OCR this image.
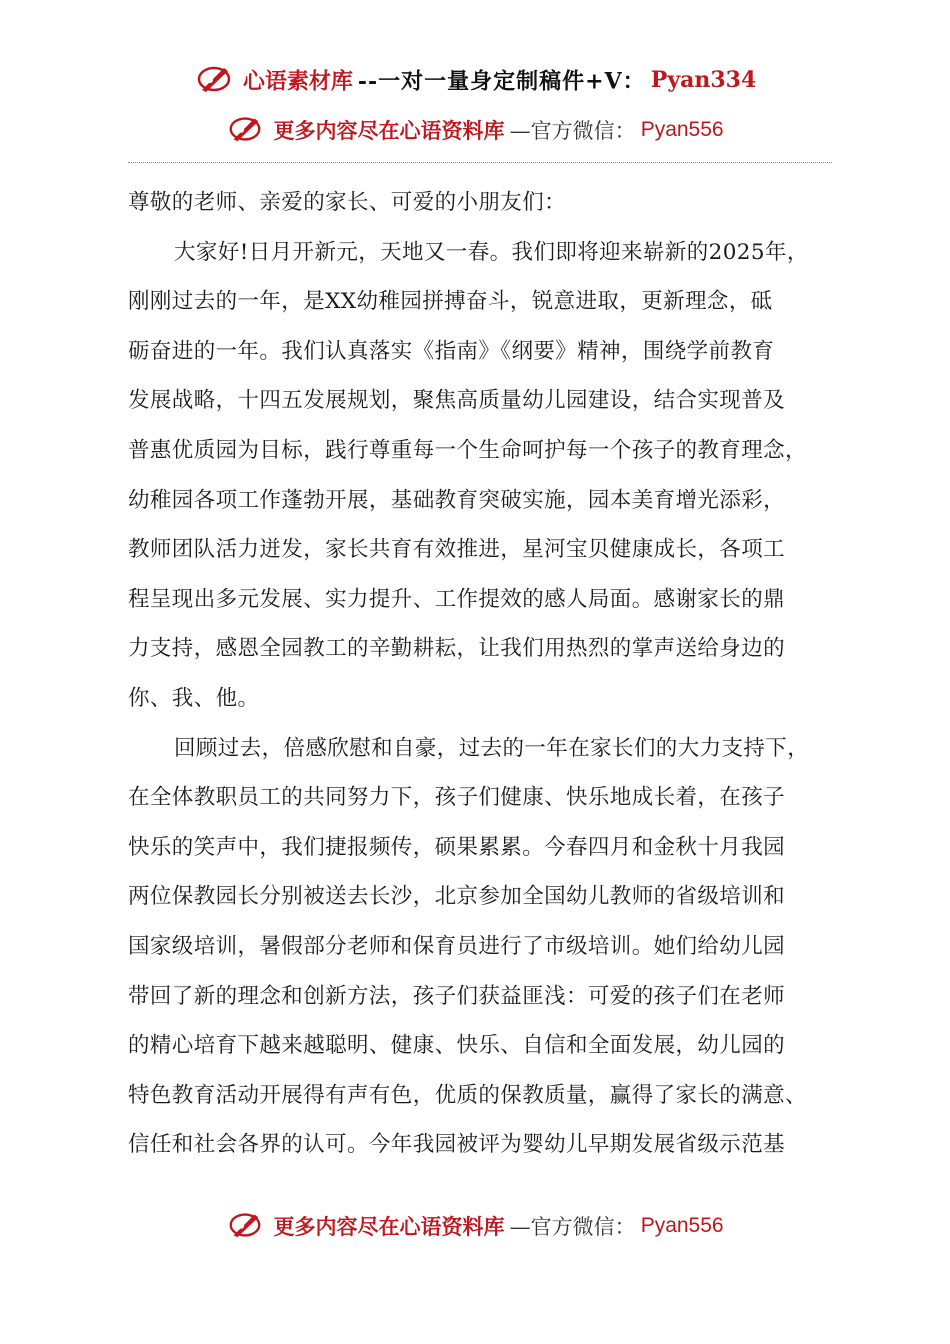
心语素材库 --一对一量身定制稿件+V： Pyan334
更多内容尽在心语资料库 —官方微信： Pyan556
尊敬的老师、亲爱的家长、可爱的小朋友们：
大家好!日月开新元，天地又一春。我们即将迎来崭新的2025年，
刚刚过去的一年，是XX幼稚园拼搏奋斗，锐意进取，更新理念，砥
砺奋进的一年。我们认真落实《指南》《纲要》精神，围绕学前教育
发展战略，十四五发展规划，聚焦高质量幼儿园建设，结合实现普及
普惠优质园为目标，践行尊重每一个生命呵护每一个孩子的教育理念，
幼稚园各项工作蓬勃开展，基础教育突破实施，园本美育增光添彩，
教师团队活力迸发，家长共育有效推进，星河宝贝健康成长，各项工
程呈现出多元发展、实力提升、工作提效的感人局面。感谢家长的鼎
力支持，感恩全园教工的辛勤耕耘，让我们用热烈的掌声送给身边的
你、我、他。
回顾过去，倍感欣慰和自豪，过去的一年在家长们的大力支持下，
在全体教职员工的共同努力下，孩子们健康、快乐地成长着，在孩子
快乐的笑声中，我们捷报频传，硕果累累。今春四月和金秋十月我园
两位保教园长分别被送去长沙，北京参加全国幼儿教师的省级培训和
国家级培训，暑假部分老师和保育员进行了市级培训。她们给幼儿园
带回了新的理念和创新方法，孩子们获益匪浅：可爱的孩子们在老师
的精心培育下越来越聪明、健康、快乐、自信和全面发展，幼儿园的
特色教育活动开展得有声有色，优质的保教质量，赢得了家长的满意、
信任和社会各界的认可。今年我园被评为婴幼儿早期发展省级示范基
更多内容尽在心语资料库 —官方微信： Pyan556
